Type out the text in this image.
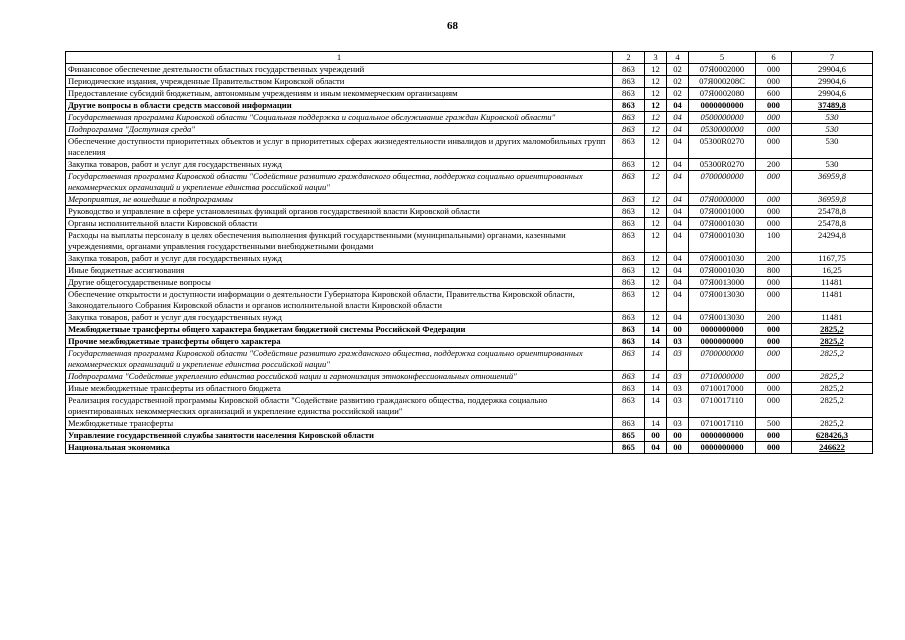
68
1	2	3	4	5	6	7
Финансовое обеспечение деятельности областных государственных учреждений	863	12	02	07Я0002000	000	29904,6
Периодические издания, учрежденные Правительством Кировской области	863	12	02	07Я000208С	000	29904,6
Предоставление субсидий бюджетным, автономным учреждениям и иным некоммерческим организациям	863	12	02	07Я0002080	600	29904,6
Другие вопросы в области средств массовой информации	863	12	04	0000000000	000	37489,8
Государственная программа Кировской области "Социальная поддержка и социальное обслуживание граждан Кировской области"	863	12	04	0500000000	000	530
Подпрограмма "Доступная среда"	863	12	04	0530000000	000	530
Обеспечение доступности приоритетных объектов и услуг в приоритетных сферах жизнедеятельности инвалидов и других маломобильных групп населения	863	12	04	05300R0270	000	530
Закупка товаров, работ и услуг для государственных нужд	863	12	04	05300R0270	200	530
Государственная программа Кировской области "Содействие развитию гражданского общества, поддержка социально ориентированных некоммерческих организаций и укрепление единства российской нации"	863	12	04	0700000000	000	36959,8
Мероприятия, не вошедшие в подпрограммы	863	12	04	07Я0000000	000	36959,8
Руководство и управление в сфере установленных функций органов государственной власти Кировской области	863	12	04	07Я0001000	000	25478,8
Органы исполнительной власти Кировской области	863	12	04	07Я0001030	000	25478,8
Расходы на выплаты персоналу в целях обеспечения выполнения функций государственными (муниципальными) органами, казенными учреждениями, органами управления государственными внебюджетными фондами	863	12	04	07Я0001030	100	24294,8
Закупка товаров, работ и услуг для государственных нужд	863	12	04	07Я0001030	200	1167,75
Иные бюджетные ассигнования	863	12	04	07Я0001030	800	16,25
Другие общегосударственные вопросы	863	12	04	07Я0013000	000	11481
Обеспечение открытости и доступности информации о деятельности Губернатора Кировской области, Правительства Кировской области, Законодательного Собрания Кировской области и органов исполнительной власти Кировской области	863	12	04	07Я0013030	000	11481
Закупка товаров, работ и услуг для государственных нужд	863	12	04	07Я0013030	200	11481
Межбюджетные трансферты общего характера бюджетам бюджетной системы Российской Федерации	863	14	00	0000000000	000	2825,2
Прочие межбюджетные трансферты общего характера	863	14	03	0000000000	000	2825,2
Государственная программа Кировской области "Содействие развитию гражданского общества, поддержка социально ориентированных некоммерческих организаций и укрепление единства российской нации"	863	14	03	0700000000	000	2825,2
Подпрограмма "Содействие укреплению единства российской нации и гармонизация этноконфессиональных отношений"	863	14	03	0710000000	000	2825,2
Иные межбюджетные трансферты из областного бюджета	863	14	03	0710017000	000	2825,2
Реализация государственной программы Кировской области "Содействие развитию гражданского общества, поддержка социально ориентированных некоммерческих организаций и укрепление единства российской нации"	863	14	03	0710017110	000	2825,2
Межбюджетные трансферты	863	14	03	0710017110	500	2825,2
Управление государственной службы занятости населения Кировской области	865	00	00	0000000000	000	628426,3
Национальная экономика	865	04	00	0000000000	000	246622
